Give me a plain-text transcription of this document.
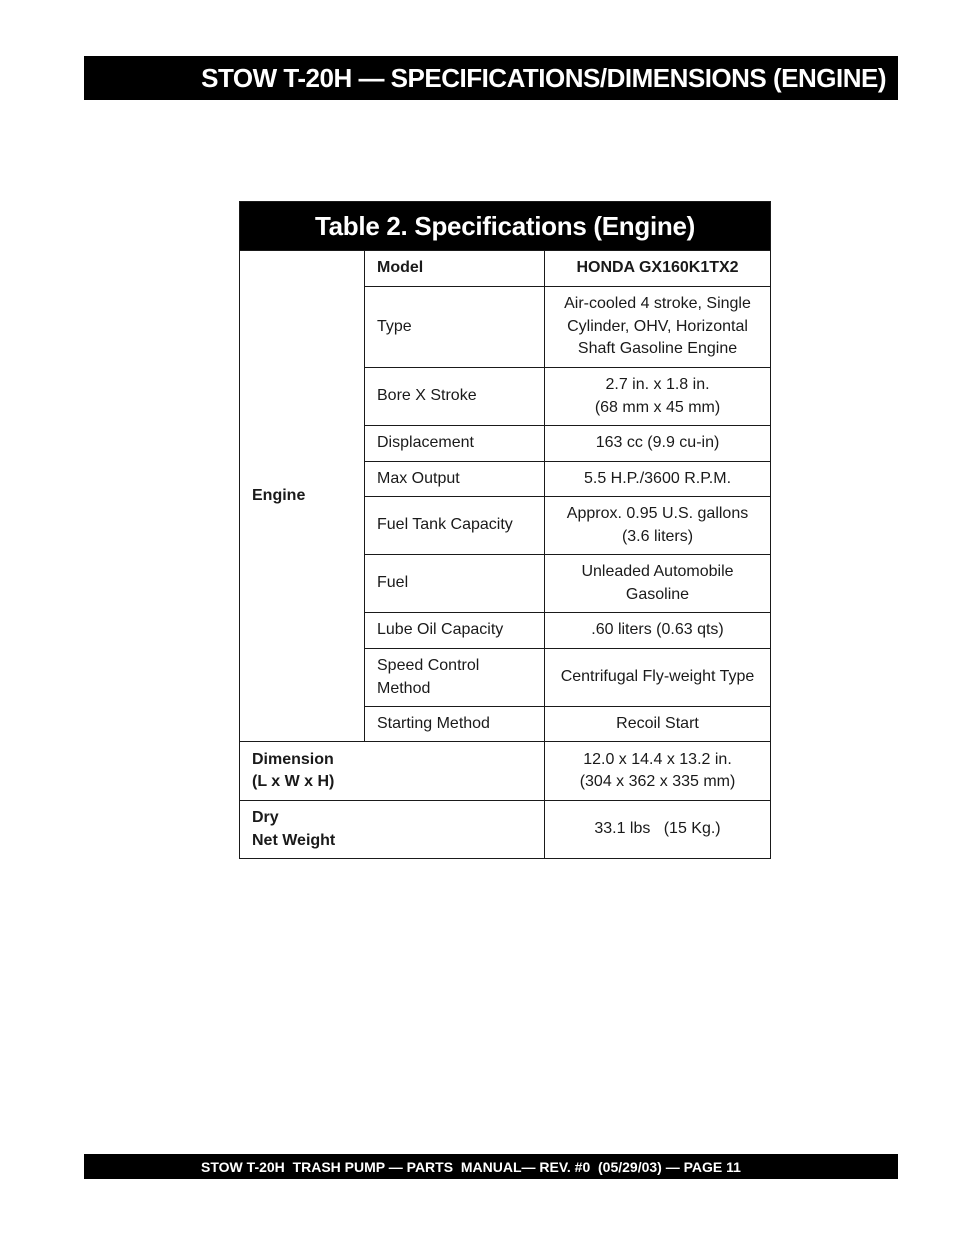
STOW T-20H — SPECIFICATIONS/DIMENSIONS (ENGINE)
Table 2. Specifications (Engine)		
Engine	Model	HONDA GX160K1TX2
	Type	Air-cooled 4 stroke, Single
Cylinder, OHV, Horizontal
Shaft Gasoline Engine
	Bore X Stroke	2.7 in. x 1.8 in.
(68 mm x 45 mm)
	Displacement	163 cc (9.9 cu-in)
	Max Output	5.5 H.P./3600 R.P.M.
	Fuel Tank Capacity	Approx. 0.95 U.S. gallons
(3.6 liters)
	Fuel	Unleaded Automobile
Gasoline
	Lube Oil Capacity	.60 liters (0.63 qts)
	Speed Control
Method	Centrifugal Fly-weight Type
	Starting Method	Recoil Start
Dimension
(L x W x H)		12.0 x 14.4 x 13.2 in.
(304 x 362 x 335 mm)
Dry
Net Weight		33.1 lbs   (15 Kg.)
STOW T-20H  TRASH PUMP — PARTS  MANUAL— REV. #0  (05/29/03) — PAGE 11
